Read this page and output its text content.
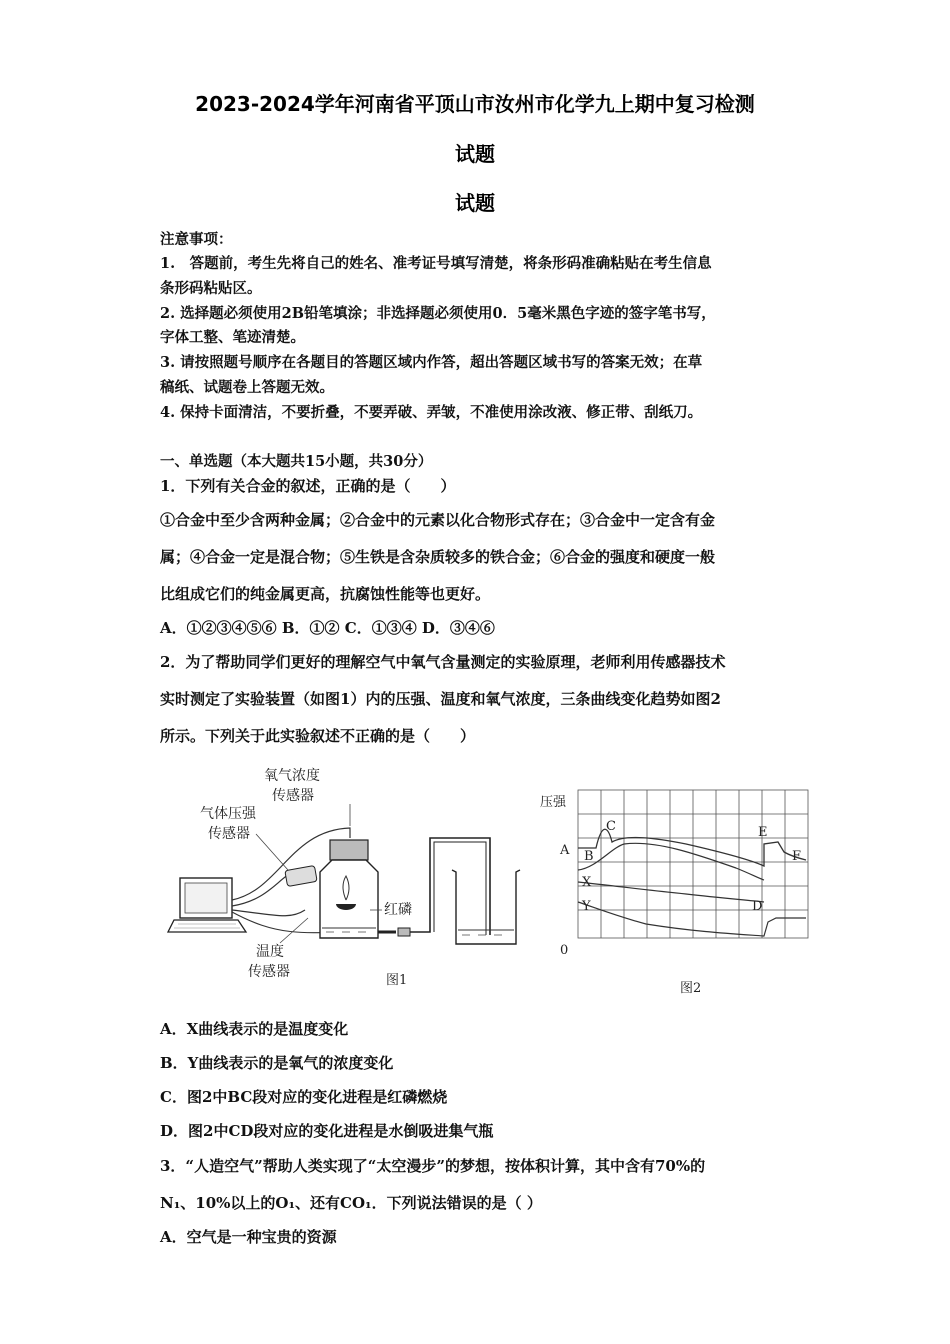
2023-2024学年河南省平顶山市汝州市化学九上期中复习检测
试题
试题
注意事项：
1.　答题前，考生先将自己的姓名、准考证号填写清楚，将条形码准确粘贴在考生信息
条形码粘贴区。
2. 选择题必须使用2B铅笔填涂；非选择题必须使用0．5毫米黑色字迹的签字笔书写，
字体工整、笔迹清楚。
3. 请按照题号顺序在各题目的答题区域内作答，超出答题区域书写的答案无效；在草
稿纸、试题卷上答题无效。
4. 保持卡面清洁，不要折叠，不要弄破、弄皱，不准使用涂改液、修正带、刮纸刀。
一、单选题（本大题共15小题，共30分）
1．下列有关合金的叙述，正确的是（　　）
①合金中至少含两种金属；②合金中的元素以化合物形式存在；③合金中一定含有金
属；④合金一定是混合物；⑤生铁是含杂质较多的铁合金；⑥合金的强度和硬度一般
比组成它们的纯金属更高，抗腐蚀性能等也更好。
A．①②③④⑤⑥ B．①② C．①③④ D．③④⑥
2．为了帮助同学们更好的理解空气中氧气含量测定的实验原理，老师利用传感器技术
实时测定了实验装置（如图1）内的压强、温度和氧气浓度，三条曲线变化趋势如图2
所示。下列关于此实验叙述不正确的是（　　）
氧气浓度
传感器
气体压强
传感器
温度
传感器
红磷
图1
压强
0
A B
C	E
F
X
Y	D
图2
A．X曲线表示的是温度变化
B．Y曲线表示的是氧气的浓度变化
C．图2中BC段对应的变化进程是红磷燃烧
D．图2中CD段对应的变化进程是水倒吸进集气瓶
3．“人造空气”帮助人类实现了“太空漫步”的梦想，按体积计算，其中含有70%的
N₁、10%以上的O₁、还有CO₁．下列说法错误的是（ ）
A．空气是一种宝贵的资源
